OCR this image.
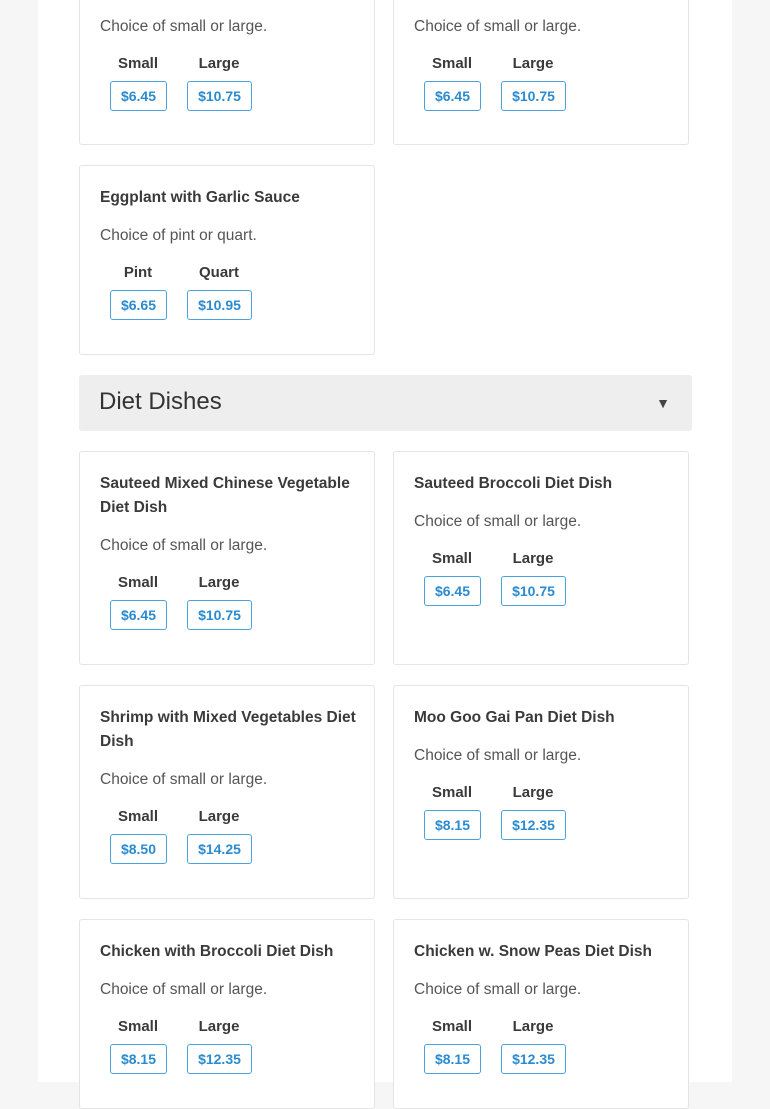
Choice of small or large.
Small	Large
$6.45	$10.75
Choice of small or large.
Small	Large
$6.45	$10.75
Eggplant with Garlic Sauce
Choice of pint or quart.
Pint	Quart
$6.65	$10.95
Diet Dishes	▼
Sauteed Mixed Chinese Vegetable Diet Dish
Choice of small or large.
Small	Large
$6.45	$10.75
Sauteed Broccoli Diet Dish
Choice of small or large.
Small	Large
$6.45	$10.75
Shrimp with Mixed Vegetables Diet Dish
Choice of small or large.
Small	Large
$8.50	$14.25
Moo Goo Gai Pan Diet Dish
Choice of small or large.
Small	Large
$8.15	$12.35
Chicken with Broccoli Diet Dish
Choice of small or large.
Small	Large
$8.15	$12.35
Chicken w. Snow Peas Diet Dish
Choice of small or large.
Small	Large
$8.15	$12.35
